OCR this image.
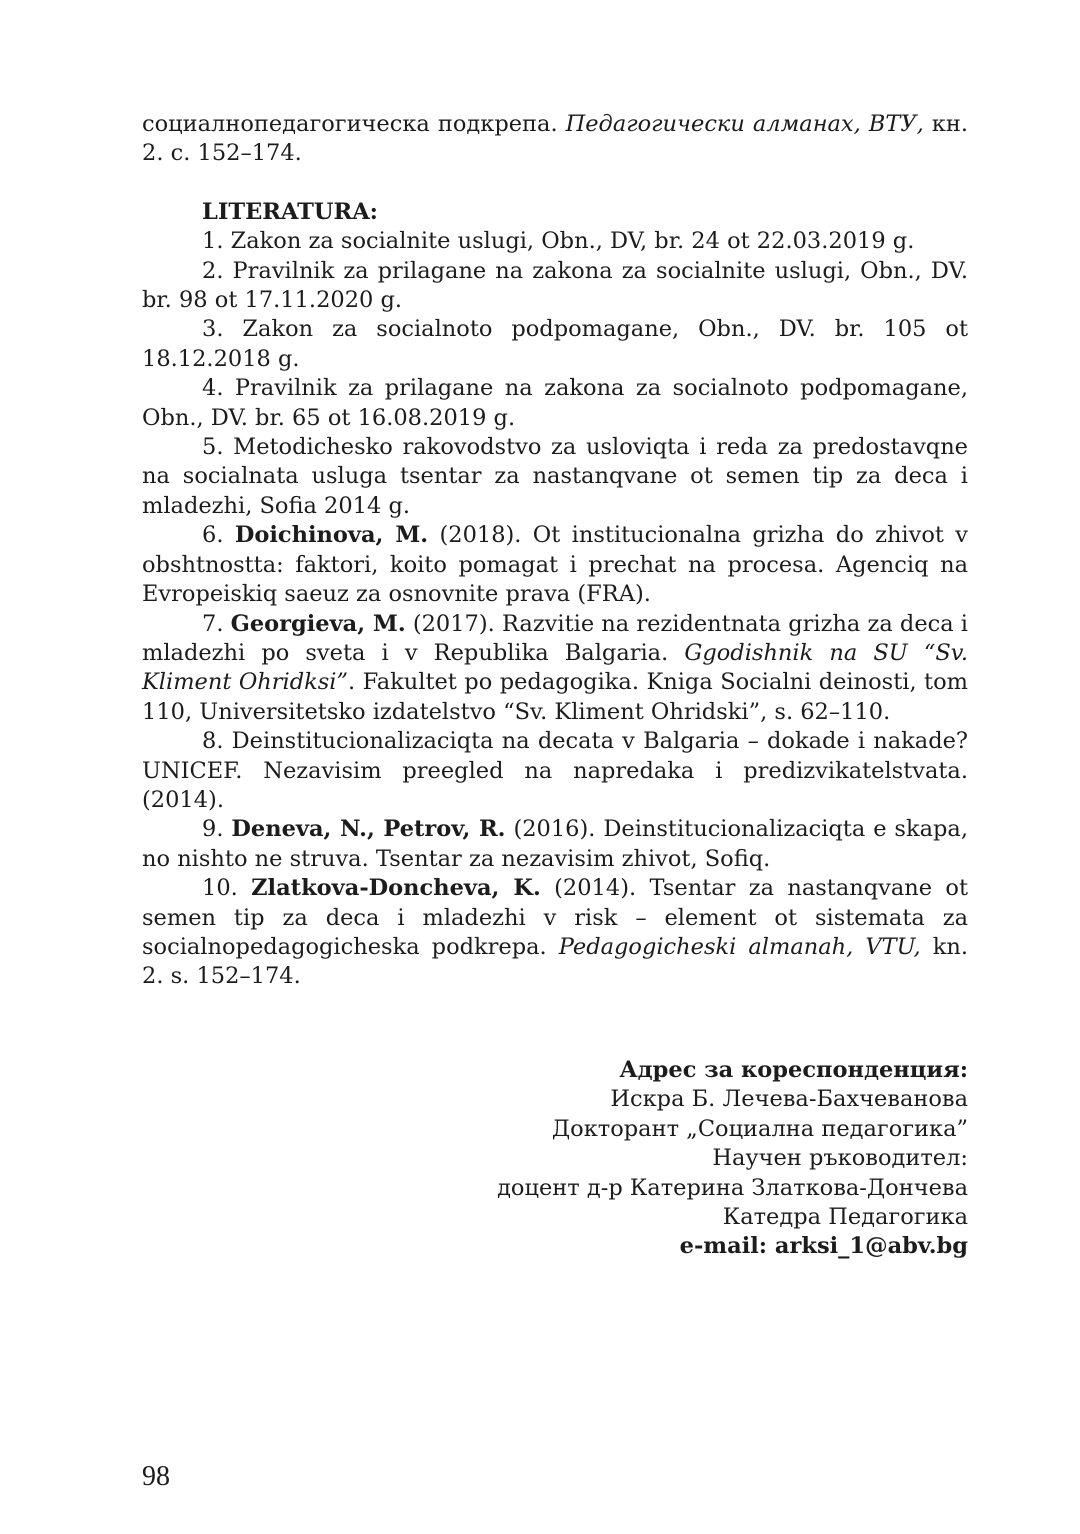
социалнопедагогическа подкрепа. Педагогически алманах, ВТУ, кн. 2. с. 152–174.

LITERATURA:

1. Zakon za socialnite uslugi, Obn., DV, br. 24 ot 22.03.2019 g.

2. Pravilnik za prilagane na zakona za socialnite uslugi, Obn., DV. br. 98 ot 17.11.2020 g.

3. Zakon za socialnoto podpomagane, Obn., DV. br. 105 ot 18.12.2018 g.

4. Pravilnik za prilagane na zakona za socialnoto podpomagane, Obn., DV. br. 65 ot 16.08.2019 g.

5. Metodichesko rakovodstvo za usloviqta i reda za predostavqne na socialnata usluga tsentar za nastanqvane ot semen tip za deca i mladezhi, Sofia 2014 g.

6. Doichinova, M. (2018). Ot institucionalna grizha do zhivot v obshtnostta: faktori, koito pomagat i prechat na procesa. Agenciq na Evropeiskiq saeuz za osnovnite prava (FRA).

7. Georgieva, M. (2017). Razvitie na rezidentnata grizha za deca i mladezhi po sveta i v Republika Balgaria. Ggodishnik na SU “Sv. Kliment Ohridksi”. Fakultet po pedagogika. Kniga Socialni deinosti, tom 110, Universitetsko izdatelstvo “Sv. Kliment Ohridski”, s. 62–110.

8. Deinstitucionalizaciqta na decata v Balgaria – dokade i nakade? UNICEF. Nezavisim preegled na napredaka i predizvikatelstvata. (2014).

9. Deneva, N., Petrov, R. (2016). Deinstitucionalizaciqta e skapa, no nishto ne struva. Tsentar za nezavisim zhivot, Sofiq.

10. Zlatkova-Doncheva, K. (2014). Tsentar za nastanqvane ot semen tip za deca i mladezhi v risk – element ot sistemata za socialnopedagogicheska podkrepa. Pedagogicheski almanah, VTU, kn. 2. s. 152–174.

Адрес за кореспонденция:
Искра Б. Лечева-Бахчеванова
Докторант „Социална педагогика”
Научен ръководител:
доцент д-р Катерина Златкова-Дончева
Катедра Педагогика
e-mail: arksi_1@abv.bg
98
